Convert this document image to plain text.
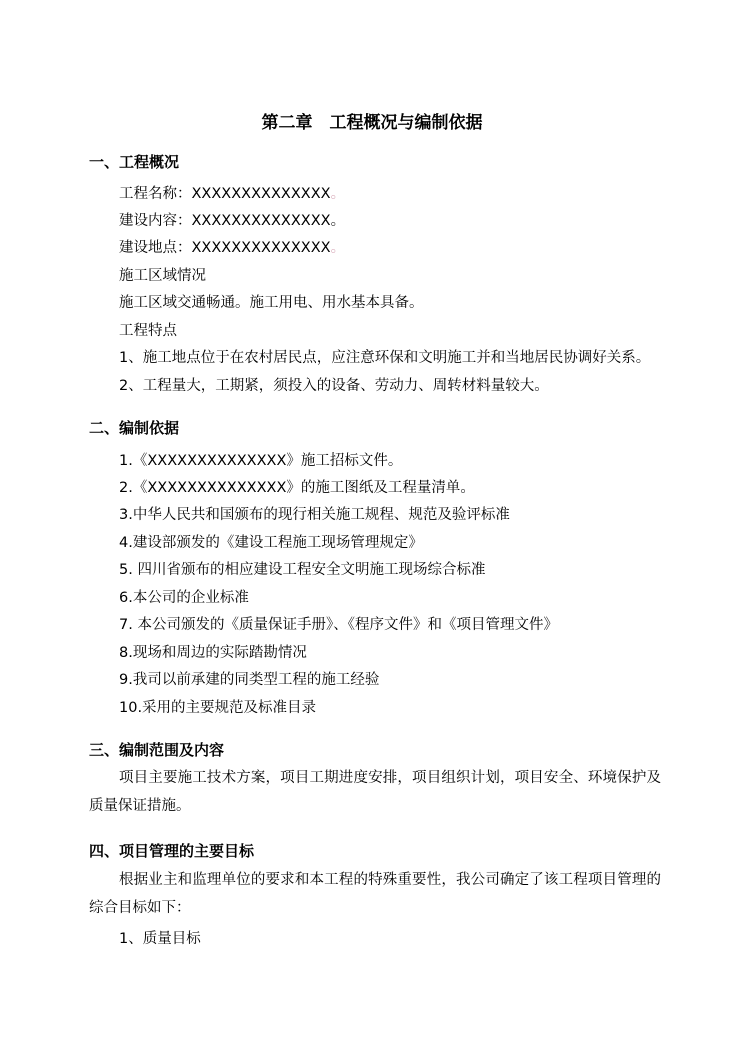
第二章　工程概况与编制依据
一、工程概况
工程名称：XXXXXXXXXXXXXX。
建设内容：XXXXXXXXXXXXXX。
建设地点：XXXXXXXXXXXXXX。
施工区域情况
施工区域交通畅通。施工用电、用水基本具备。
工程特点
1、施工地点位于在农村居民点，应注意环保和文明施工并和当地居民协调好关系。
2、工程量大，工期紧，须投入的设备、劳动力、周转材料量较大。
二、编制依据
1.《XXXXXXXXXXXXXX》施工招标文件。
2.《XXXXXXXXXXXXXX》的施工图纸及工程量清单。
3.中华人民共和国颁布的现行相关施工规程、规范及验评标准
4.建设部颁发的《建设工程施工现场管理规定》
5. 四川省颁布的相应建设工程安全文明施工现场综合标准
6.本公司的企业标准
7. 本公司颁发的《质量保证手册》、《程序文件》和《项目管理文件》
8.现场和周边的实际踏勘情况
9.我司以前承建的同类型工程的施工经验
10.采用的主要规范及标准目录
三、编制范围及内容
项目主要施工技术方案，项目工期进度安排，项目组织计划，项目安全、环境保护及质量保证措施。
四、项目管理的主要目标
根据业主和监理单位的要求和本工程的特殊重要性，我公司确定了该工程项目管理的综合目标如下：
1、质量目标
